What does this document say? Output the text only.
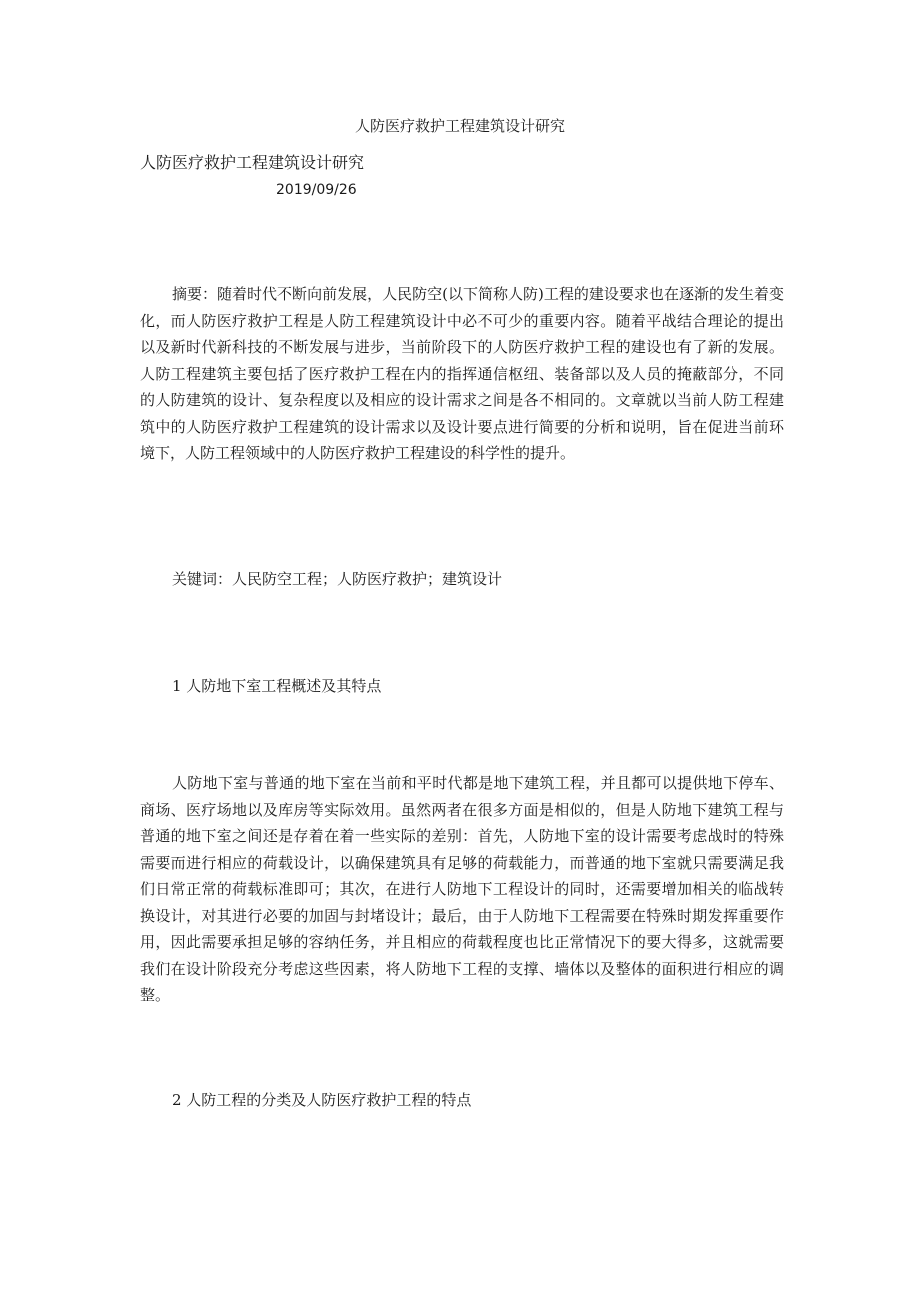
人防医疗救护工程建筑设计研究
人防医疗救护工程建筑设计研究
2019/09/26

摘要：随着时代不断向前发展，人民防空(以下简称人防)工程的建设要求也在逐渐的发生着变化，而人防医疗救护工程是人防工程建筑设计中必不可少的重要内容。随着平战结合理论的提出以及新时代新科技的不断发展与进步，当前阶段下的人防医疗救护工程的建设也有了新的发展。人防工程建筑主要包括了医疗救护工程在内的指挥通信枢纽、装备部以及人员的掩蔽部分，不同的人防建筑的设计、复杂程度以及相应的设计需求之间是各不相同的。文章就以当前人防工程建筑中的人防医疗救护工程建筑的设计需求以及设计要点进行简要的分析和说明，旨在促进当前环境下，人防工程领域中的人防医疗救护工程建设的科学性的提升。

关键词：人民防空工程；人防医疗救护；建筑设计

1 人防地下室工程概述及其特点

人防地下室与普通的地下室在当前和平时代都是地下建筑工程，并且都可以提供地下停车、商场、医疗场地以及库房等实际效用。虽然两者在很多方面是相似的，但是人防地下建筑工程与普通的地下室之间还是存着在着一些实际的差别：首先，人防地下室的设计需要考虑战时的特殊需要而进行相应的荷载设计，以确保建筑具有足够的荷载能力，而普通的地下室就只需要满足我们日常正常的荷载标准即可；其次，在进行人防地下工程设计的同时，还需要增加相关的临战转换设计，对其进行必要的加固与封堵设计；最后，由于人防地下工程需要在特殊时期发挥重要作用，因此需要承担足够的容纳任务，并且相应的荷载程度也比正常情况下的要大得多，这就需要我们在设计阶段充分考虑这些因素，将人防地下工程的支撑、墙体以及整体的面积进行相应的调整。

2 人防工程的分类及人防医疗救护工程的特点
